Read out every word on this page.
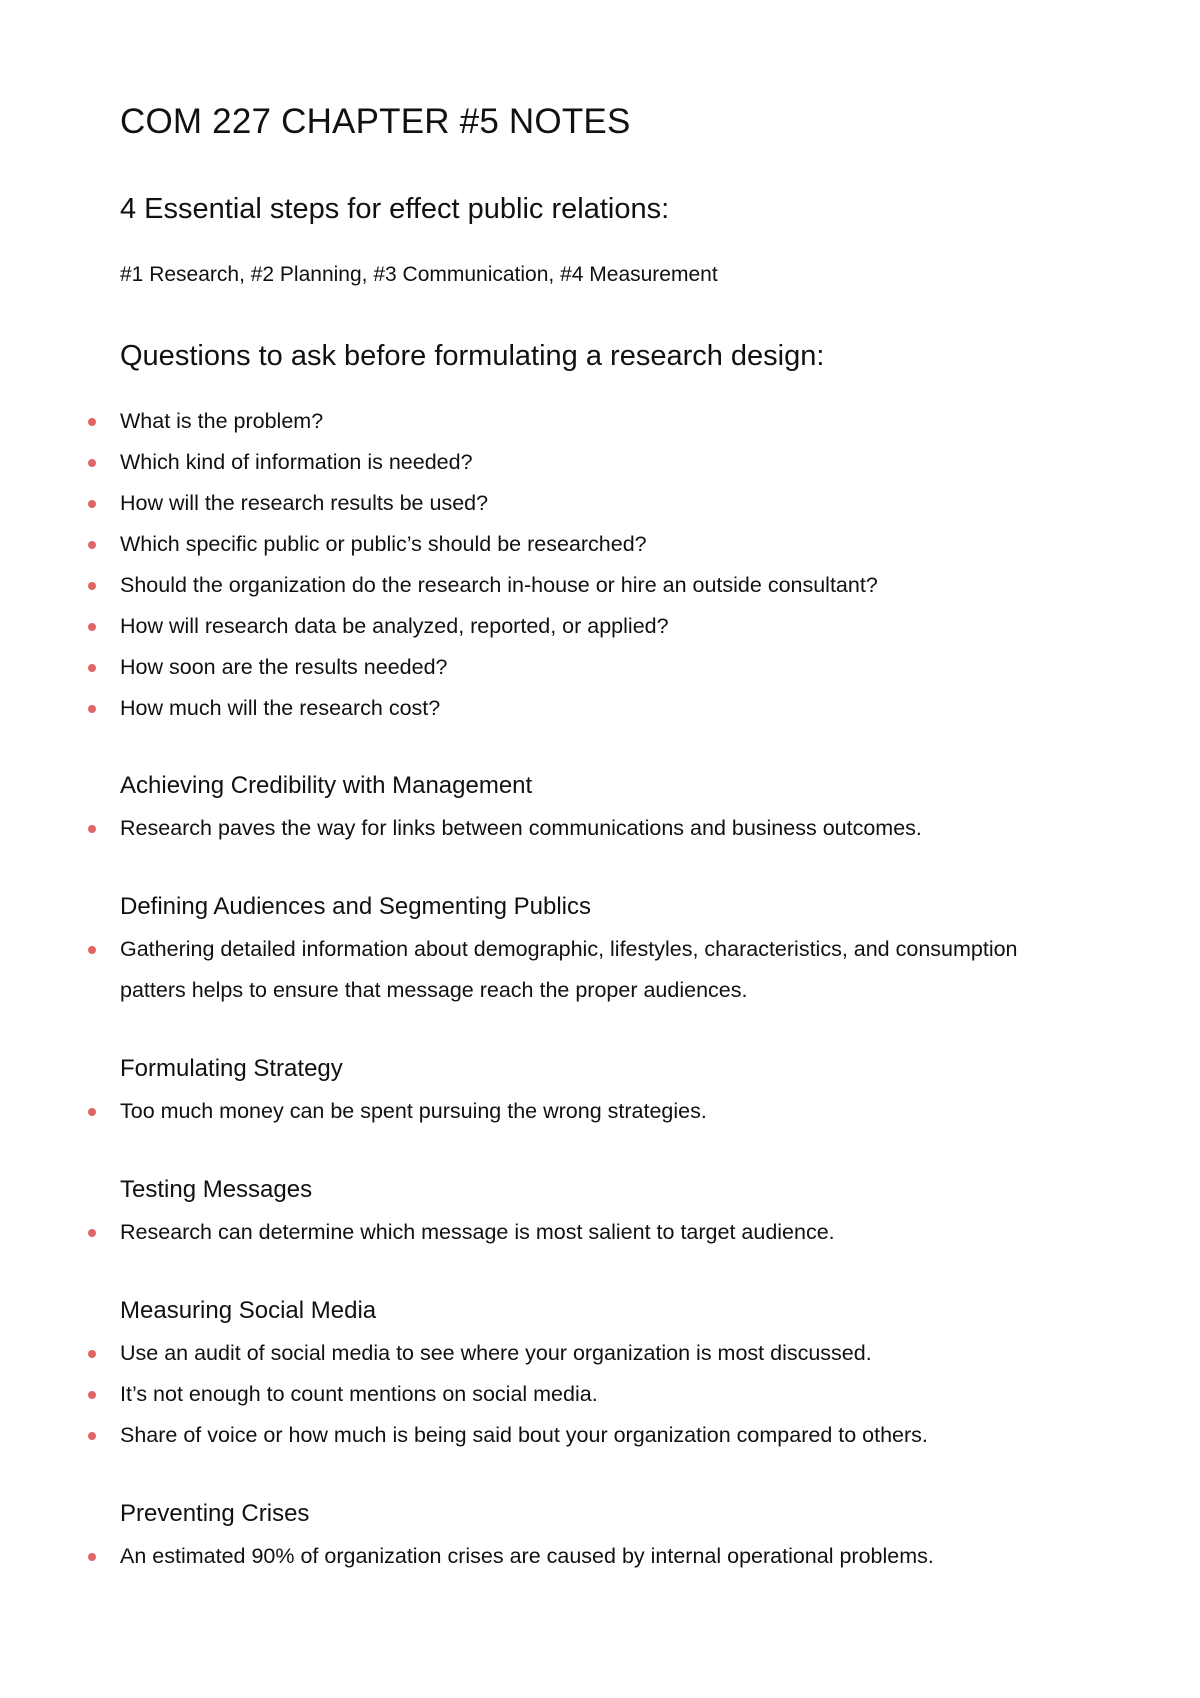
COM 227 CHAPTER #5 NOTES
4 Essential steps for effect public relations:

#1 Research, #2 Planning, #3 Communication, #4 Measurement

Questions to ask before formulating a research design:
What is the problem?
Which kind of information is needed?
How will the research results be used?
Which specific public or public’s should be researched?
Should the organization do the research in-house or hire an outside consultant?
How will research data be analyzed, reported, or applied?
How soon are the results needed?
How much will the research cost?
Achieving Credibility with Management
Research paves the way for links between communications and business outcomes.
Defining Audiences and Segmenting Publics
Gathering detailed information about demographic, lifestyles, characteristics, and consumption patters helps to ensure that message reach the proper audiences.
Formulating Strategy
Too much money can be spent pursuing the wrong strategies.
Testing Messages
Research can determine which message is most salient to target audience.
Measuring Social Media
Use an audit of social media to see where your organization is most discussed.
It’s not enough to count mentions on social media.
Share of voice or how much is being said bout your organization compared to others.
Preventing Crises
An estimated 90% of organization crises are caused by internal operational problems.
